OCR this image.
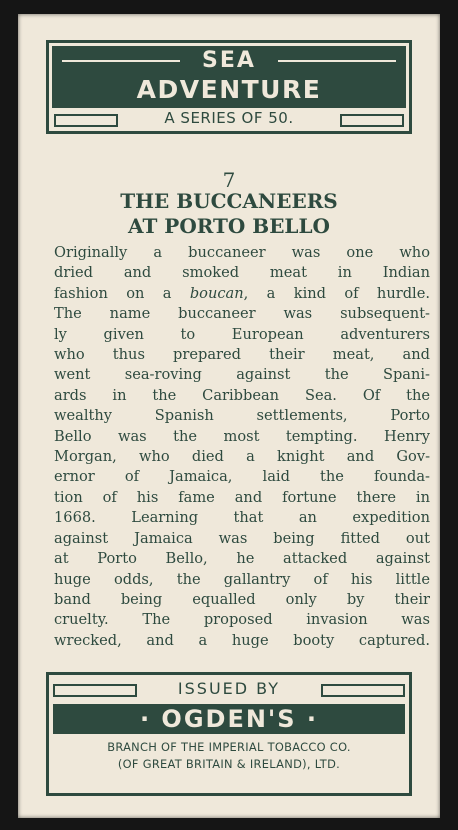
SEA
ADVENTURE
A SERIES OF 50.
7
THE BUCCANEERS
AT PORTO BELLO
Originally a buccaneer was one who
dried and smoked meat in Indian
fashion on a boucan, a kind of hurdle.
The name buccaneer was subsequent-
ly given to European adventurers
who thus prepared their meat, and
went sea-roving against the Spani-
ards in the Caribbean Sea. Of the
wealthy Spanish settlements, Porto
Bello was the most tempting. Henry
Morgan, who died a knight and Gov-
ernor of Jamaica, laid the founda-
tion of his fame and fortune there in
1668. Learning that an expedition
against Jamaica was being fitted out
at Porto Bello, he attacked against
huge odds, the gallantry of his little
band being equalled only by their
cruelty. The proposed invasion was
wrecked, and a huge booty captured.
ISSUED BY
· OGDEN'S ·
BRANCH OF THE IMPERIAL TOBACCO CO.
(OF GREAT BRITAIN & IRELAND), LTD.
